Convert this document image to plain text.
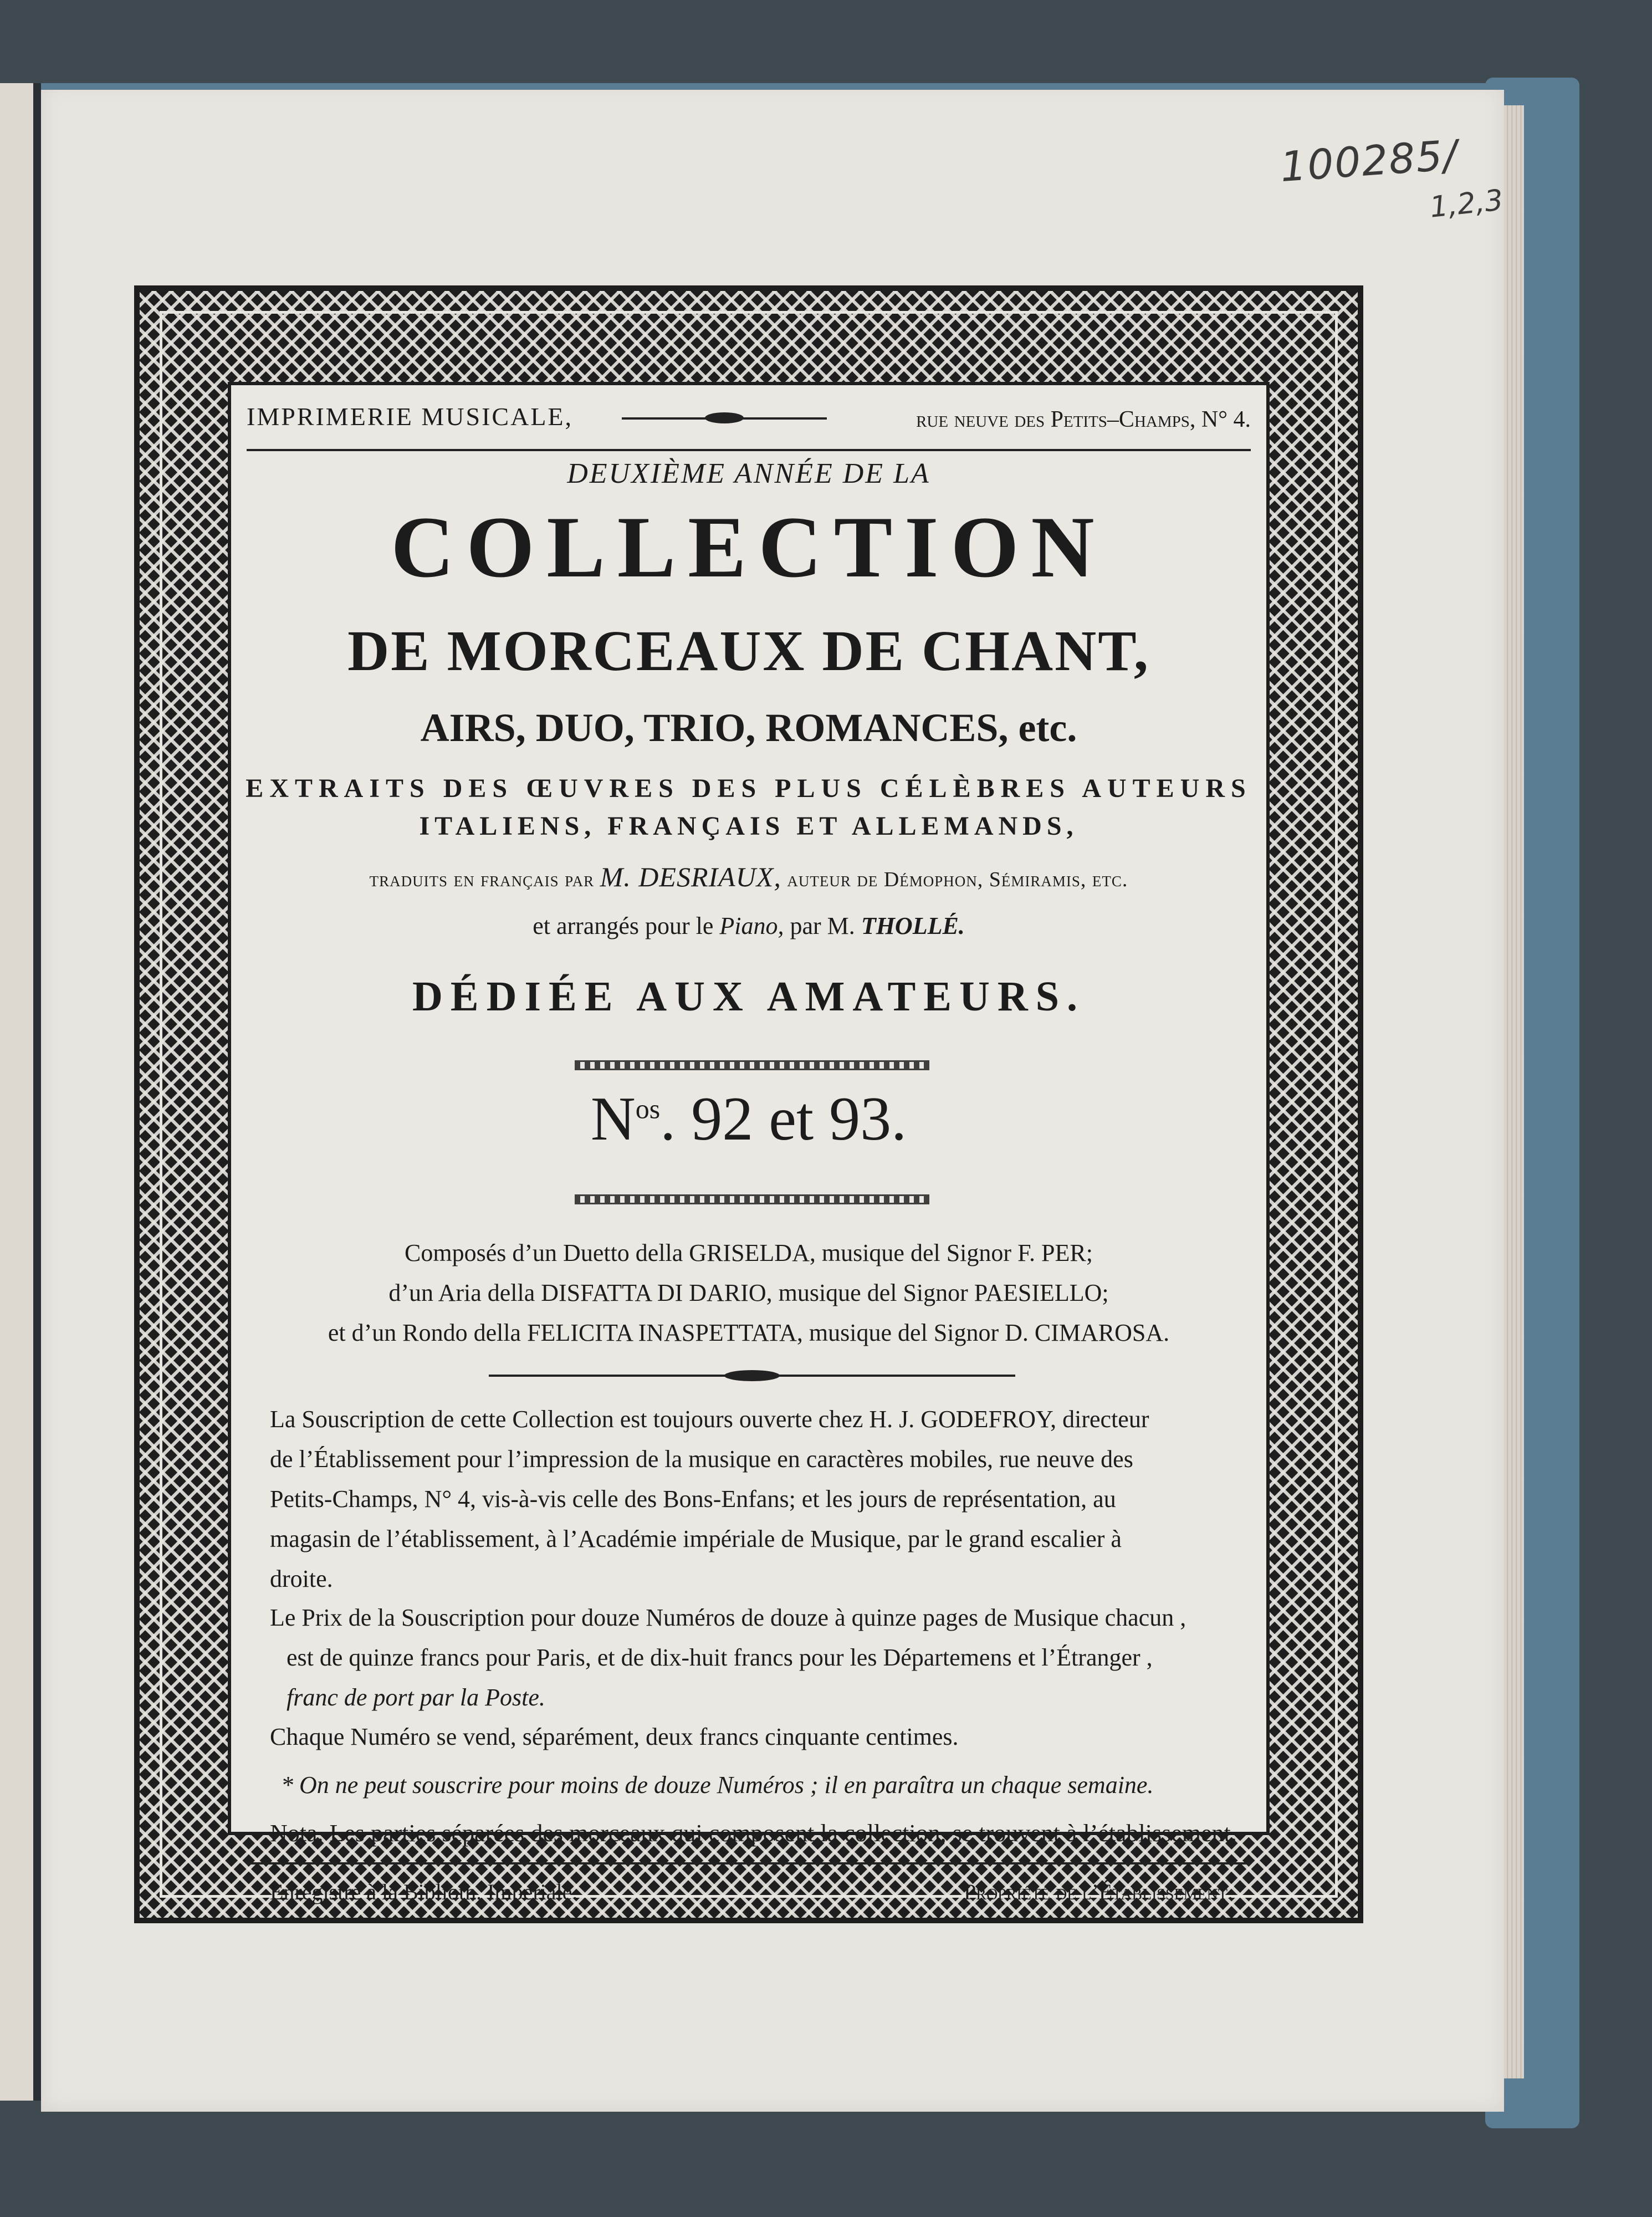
100285/
1,2,3
IMPRIMERIE MUSICALE,	rue neuve des Petits–Champs, N° 4.
DEUXIÈME ANNÉE DE LA
COLLECTION
DE MORCEAUX DE CHANT,
AIRS, DUO, TRIO, ROMANCES, etc.
EXTRAITS DES ŒUVRES DES PLUS CÉLÈBRES AUTEURS
ITALIENS, FRANÇAIS ET ALLEMANDS,
traduits en français par M. DESRIAUX, auteur de Démophon, Sémiramis, etc.
et arrangés pour le Piano, par M. THOLLÉ.
DÉDIÉE AUX AMATEURS.
$N^{os}$. 92 et 93.
Composés d’un Duetto della GRISELDA, musique del Signor F. PER;
d’un Aria della DISFATTA DI DARIO, musique del Signor PAESIELLO;
et d’un Rondo della FELICITA INASPETTATA, musique del Signor D. CIMAROSA.
La Souscription de cette Collection est toujours ouverte chez H. J. GODEFROY, directeur
de l’Établissement pour l’impression de la musique en caractères mobiles, rue neuve des
Petits-Champs, N° 4, vis-à-vis celle des Bons-Enfans; et les jours de représentation, au
magasin de l’établissement, à l’Académie impériale de Musique, par le grand escalier à
droite.
Le Prix de la Souscription pour douze Numéros de douze à quinze pages de Musique chacun ,
est de quinze francs pour Paris, et de dix-huit francs pour les Départemens et l’Étranger ,
franc de port par la Poste.
Chaque Numéro se vend, séparément, deux francs cinquante centimes.
* On ne peut souscrire pour moins de douze Numéros ; il en paraîtra un chaque semaine.
Nota. Les parties séparées des morceaux qui composent la collection, se trouvent à l’établissement.
Enrégistré à la Biblioth. Impériale.	Propriété de l’Établissement.
